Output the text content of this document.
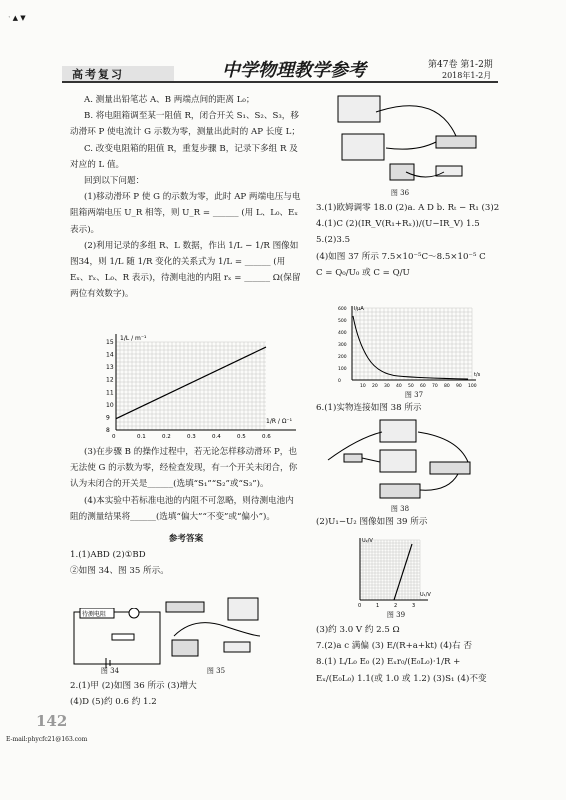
ˑ ▲ ▼
高考复习	中学物理教学参考	第47卷 第1-2期
2018年1-2月

A. 测量出铅笔芯 A、B 两端点间的距离 L₀；

B. 将电阻箱调至某一阻值 R，闭合开关 S₁、S₂、S₃，移动滑环 P 使电流计 G 示数为零，测量出此时的 AP 长度 L；

C. 改变电阻箱的阻值 R，重复步骤 B，记录下多组 R 及对应的 L 值。

回到以下问题：

(1)移动滑环 P 使 G 的示数为零，此时 AP 两端电压与电阻箱两端电压 U_R 相等，则 U_R = ______ (用 L、L₀、Eₓ 表示)。

(2)利用记录的多组 R、L 数据，作出 1/L − 1/R 图像如图34，则 1/L 随 1/R 变化的关系式为 1/L = ______ (用 Eₓ、rₓ、L₀、R 表示)，待测电池的内阻 rₓ = ______ Ω(保留两位有效数字)。

1/L / m⁻¹
1/R / Ω⁻¹
8
9
10
11
12
13
14
15
0	0.1	0.2	0.3	0.4	0.5	0.6

(3)在步骤 B 的操作过程中，若无论怎样移动滑环 P，也无法使 G 的示数为零，经检查发现，有一个开关未闭合，你认为未闭合的开关是______(选填“S₁”“S₂”或“S₃”)。

(4)本实验中若标准电池的内阻不可忽略，则待测电池内阻的测量结果将______(选填“偏大”“不变”或“偏小”)。

参考答案

1.(1)ABD (2)①BD

②如图 34、图 35 所示。

待测电阻
图 34	图 35

2.(1)甲 (2)如图 36 所示 (3)增大

(4)D (5)约 0.6 约 1.2

142
E-mail:phycfc21@163.com
图 36

3.(1)欧姆调零 18.0 (2)a. A D b. Rₜ − R₁ (3)2

4.(1)C (2)(IR_V(R₁+Rₓ))/(U−IR_V) 1.5

5.(2)3.5

(4)如图 37 所示 7.5×10⁻⁵C～8.5×10⁻⁵ C

C = Q₀/U₀ 或 C = Q/U

I/μA
t/s
0
100
200
300
400
500
600
10 20 30 40 50 60 70 80 90 100
图 37

6.(1)实物连接如图 38 所示

图 38

(2)U₁−U₂ 图像如图 39 所示

U₂/V
U₁/V
0	1	2	3
图 39

(3)约 3.0 V 约 2.5 Ω

7.(2)a c 满偏 (3) E/(R+a+kt) (4)右 否

8.(1) L/L₀ E₀ (2) Eₓr₀/(E₀L₀)·1/R + Eₓ/(E₀L₀) 1.1(或 1.0 或 1.2) (3)S₁ (4)不变
